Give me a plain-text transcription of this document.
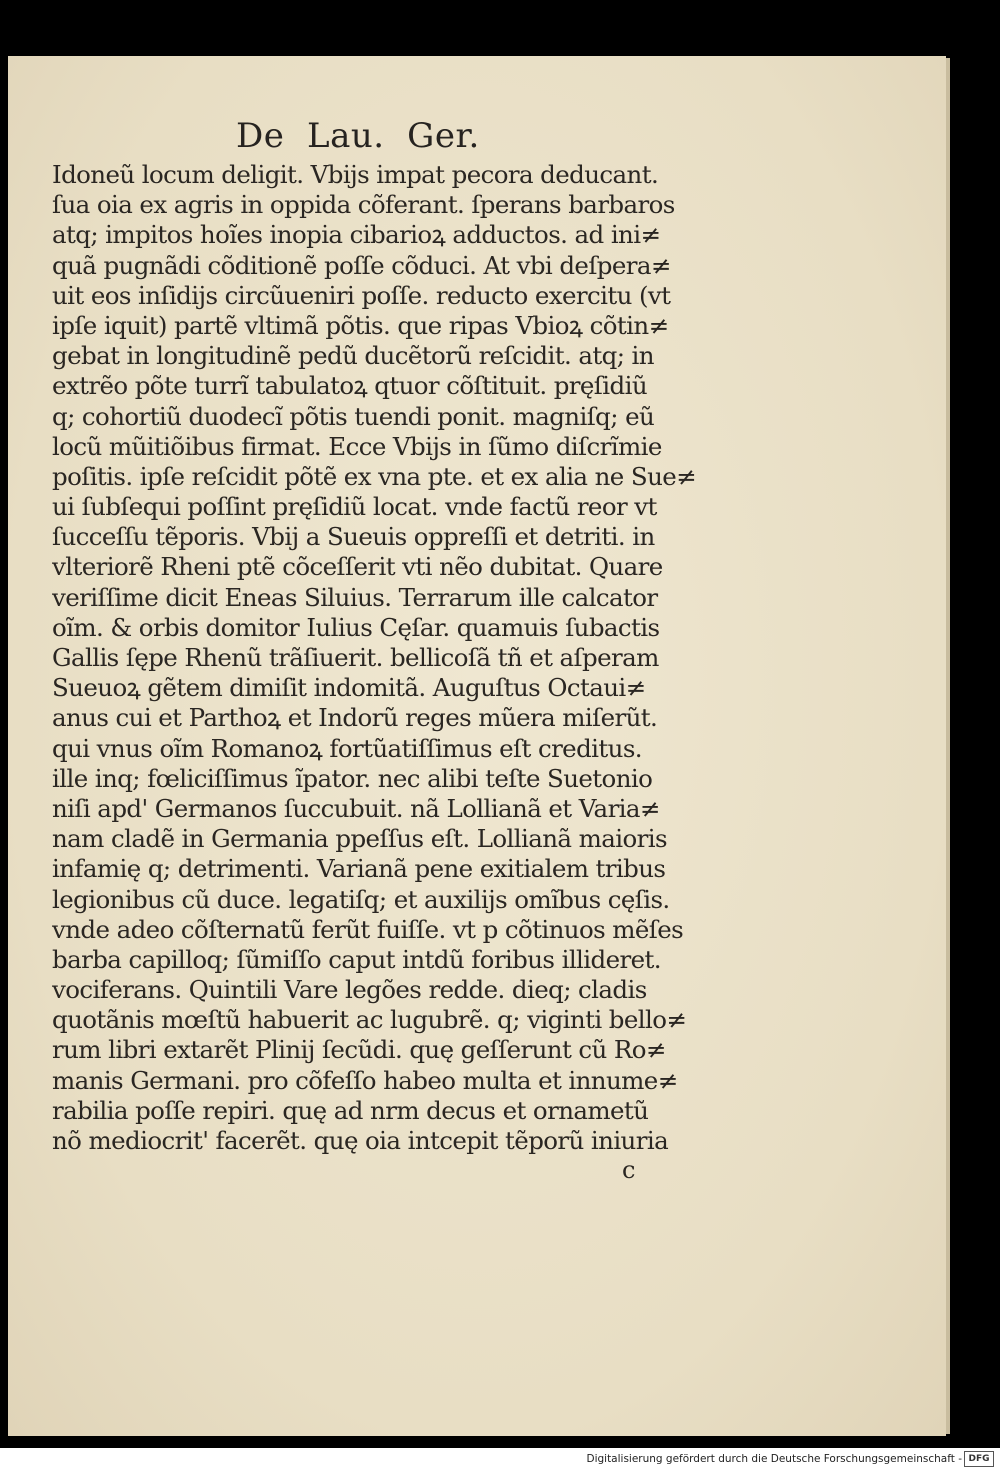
De  Lau.  Ger.
Idoneũ locum deligit. Vbijs impat pecora deducant.
ſua oia ex agris in oppida cõferant. ſperans barbaros
atq; impitos hoĩes inopia cibarioꝝ adductos. ad ini≠
quã pugnãdi cõditionẽ poſſe cõduci. At vbi deſpera≠
uit eos inſidijs circũueniri poſſe. reducto exercitu (vt
ipſe iquit) partẽ vltimã põtis. que ripas Vbioꝝ cõtin≠
gebat in longitudinẽ pedũ ducẽtorũ reſcidit. atq; in
extrẽo põte turrĩ tabulatoꝝ qtuor cõſtituit. pręſidiũ
q; cohortiũ duodecĩ põtis tuendi ponit. magniſq; eũ
locũ mũitiõibus firmat. Ecce Vbijs in ſũmo diſcrĩmie
poſitis. ipſe reſcidit põtẽ ex vna pte. et ex alia ne Sue≠
ui ſubſequi poſſint pręſidiũ locat. vnde factũ reor vt
ſucceſſu tẽporis. Vbij a Sueuis oppreſſi et detriti. in
vlteriorẽ Rheni ptẽ cõceſſerit vti nẽo dubitat. Quare
veriſſime dicit Eneas Siluius. Terrarum ille calcator
oĩm. & orbis domitor Iulius Cęſar. quamuis ſubactis
Gallis ſępe Rhenũ trãſiuerit. bellicoſã tñ et aſperam
Sueuoꝝ gẽtem dimiſit indomitã. Auguſtus Octaui≠
anus cui et Parthoꝝ et Indorũ reges mũera miſerũt.
qui vnus oĩm Romanoꝝ fortũatiſſimus eſt creditus.
ille inq; fœliciſſimus ĩpator. nec alibi teſte Suetonio
niſi apd' Germanos ſuccubuit. nã Lollianã et Varia≠
nam cladẽ in Germania ppeſſus eſt. Lollianã maioris
infamię q; detrimenti. Varianã pene exitialem tribus
legionibus cũ duce. legatiſq; et auxilijs omĩbus cęſis.
vnde adeo cõſternatũ ferũt fuiſſe. vt p cõtinuos mẽſes
barba capilloq; ſũmiſſo caput intdũ foribus illideret.
vociferans. Quintili Vare legões redde. dieq; cladis
quotãnis mœſtũ habuerit ac lugubrẽ. q; viginti bello≠
rum libri extarẽt Plinij ſecũdi. quę geſſerunt cũ Ro≠
manis Germani. pro cõfeſſo habeo multa et innume≠
rabilia poſſe repiri. quę ad nrm decus et ornametũ
nõ mediocrit' facerẽt. quę oia intcepit tẽporũ iniuria
c
Digitalisierung gefördert durch die Deutsche Forschungsgemeinschaft - DFG
